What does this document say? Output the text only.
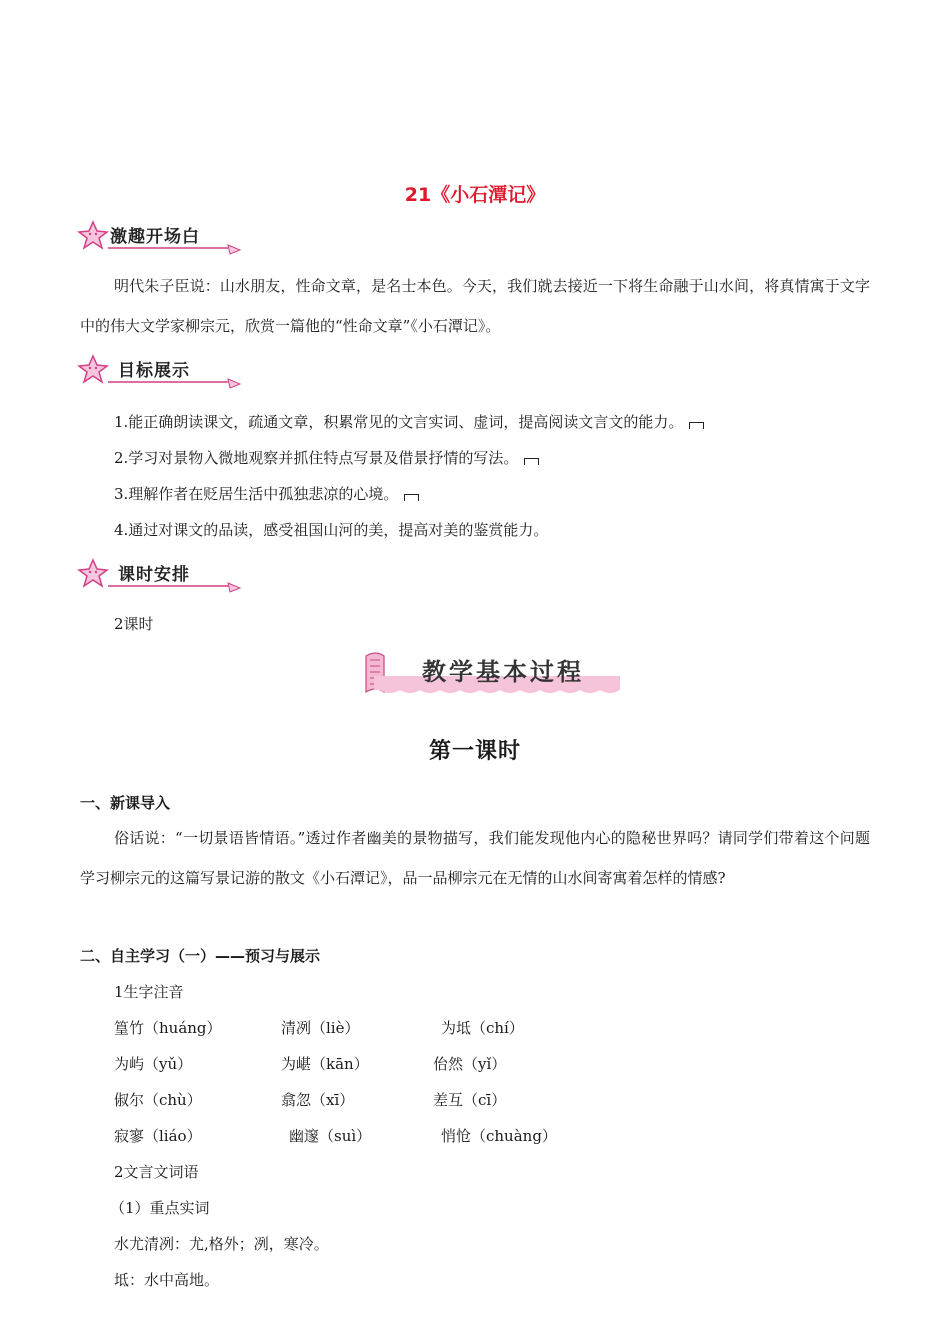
21《小石潭记》
激趣开场白
明代朱子臣说：山水朋友，性命文章，是名士本色。今天，我们就去接近一下将生命融于山水间，将真情寓于文字中的伟大文学家柳宗元，欣赏一篇他的“性命文章”《小石潭记》。
目标展示
1.能正确朗读课文，疏通文章，积累常见的文言实词、虚词，提高阅读文言文的能力。
2.学习对景物入微地观察并抓住特点写景及借景抒情的写法。
3.理解作者在贬居生活中孤独悲凉的心境。
4.通过对课文的品读，感受祖国山河的美，提高对美的鉴赏能力。
课时安排
2课时
教学基本过程
第一课时
一、新课导入
俗话说：“一切景语皆情语。”透过作者幽美的景物描写，我们能发现他内心的隐秘世界吗？请同学们带着这个问题学习柳宗元的这篇写景记游的散文《小石潭记》，品一品柳宗元在无情的山水间寄寓着怎样的情感?
二、自主学习（一）——预习与展示
1生字注音
篁竹（huáng）	清冽（liè）	为坻（chí）
为屿（yǔ）	为嵁（kān）	佁然（yǐ）
俶尔（chù）	翕忽（xī）	差互（cī）
寂寥（liáo）	幽邃（suì）	悄怆（chuàng）
2文言文词语
（1）重点实词
水尤清冽：尤,格外；冽，寒冷。
坻：水中高地。
